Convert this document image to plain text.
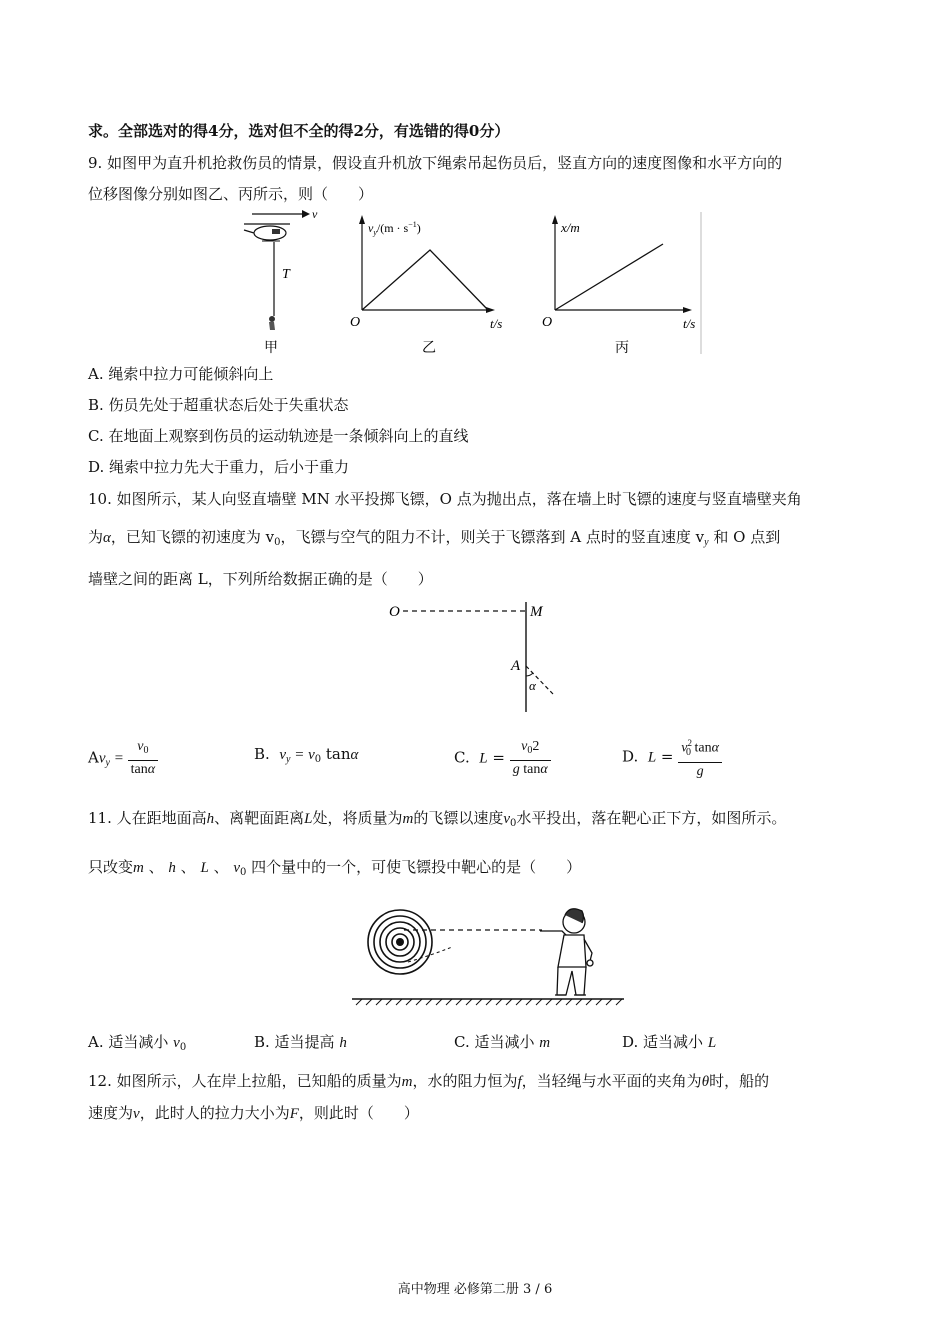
求。全部选对的得4分，选对但不全的得2分，有选错的得0分）
9. 如图甲为直升机抢救伤员的情景，假设直升机放下绳索吊起伤员后，竖直方向的速度图像和水平方向的
位移图像分别如图乙、丙所示，则（　　）
v
T
甲
$v_y/(m \cdot s^{-1})$
O	t/s
乙
x/m
O	t/s
丙
A. 绳索中拉力可能倾斜向上
B. 伤员先处于超重状态后处于失重状态
C. 在地面上观察到伤员的运动轨迹是一条倾斜向上的直线
D. 绳索中拉力先大于重力，后小于重力
10. 如图所示，某人向竖直墙壁 MN 水平投掷飞镖，O 点为抛出点，落在墙上时飞镖的速度与竖直墙壁夹角
为α，已知飞镖的初速度为 $v_0$，飞镖与空气的阻力不计，则关于飞镖落到 A 点时的竖直速度 $v_y$ 和 O 点到
墙壁之间的距离 L，下列所给数据正确的是（　　）
O	M
A
α
$Av_y = \frac{v_0}{\tan\alpha}$	B. $v_y = v_0$ tanα	C. $L = \frac{v_02}{\text{g tanα}}$	D. $L = \frac{v^2_0 \tan\alpha}{g}$
11. 人在距地面高h、离靶面距离L处，将质量为m的飞镖以速度$v_0$水平投出，落在靶心正下方，如图所示。
只改变m 、 h 、 L 、 $v_0$ 四个量中的一个，可使飞镖投中靶心的是（　　）
A. 适当减小 $v_0$	B. 适当提高 h	C. 适当减小 m	D. 适当减小 L
12. 如图所示，人在岸上拉船，已知船的质量为m，水的阻力恒为f，当轻绳与水平面的夹角为θ时，船的
速度为v，此时人的拉力大小为F，则此时（　　）
高中物理 必修第二册 3 / 6
